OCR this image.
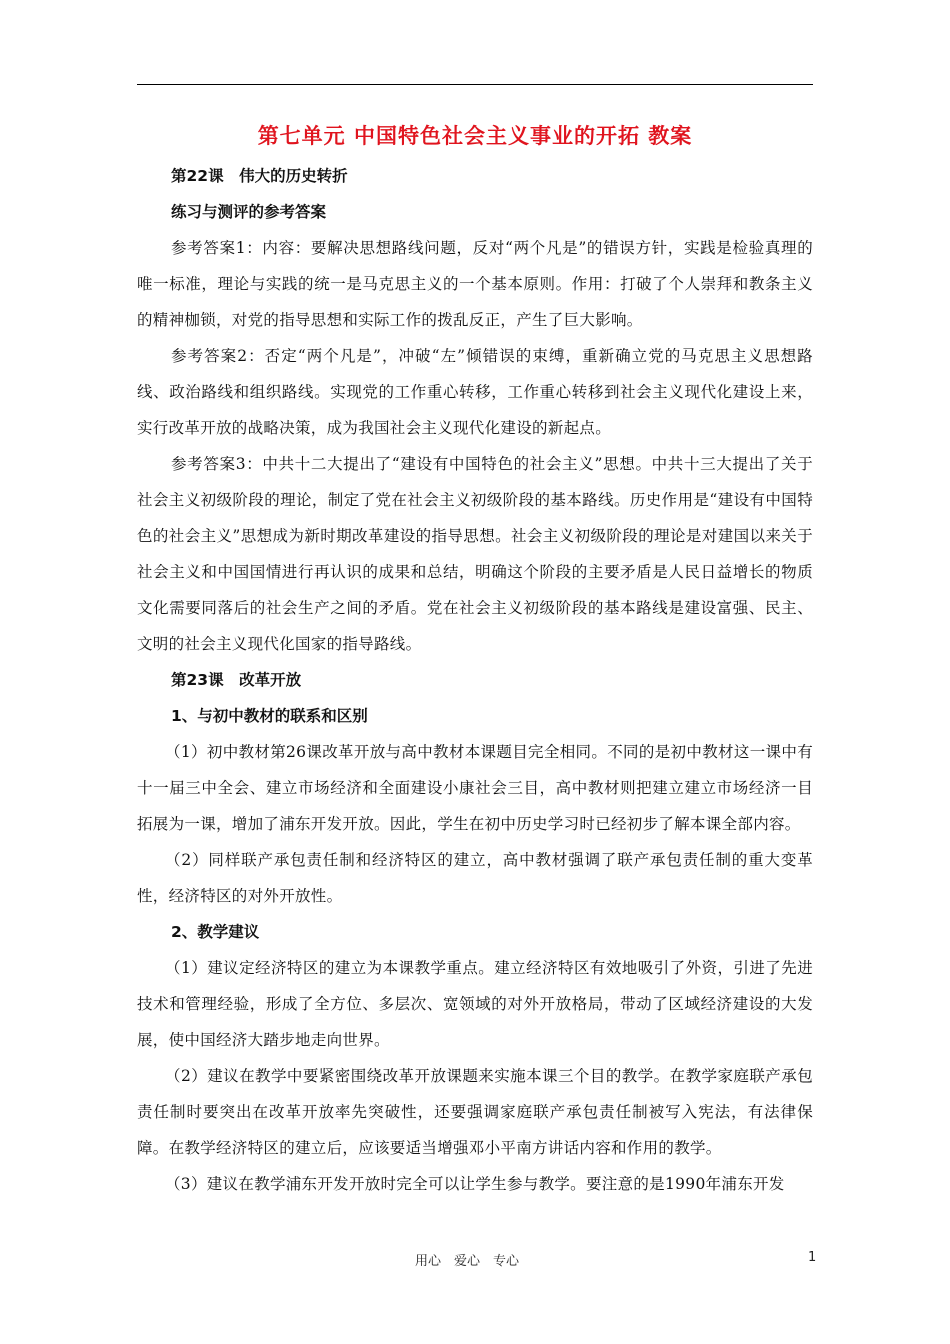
第七单元 中国特色社会主义事业的开拓 教案

第22课　伟大的历史转折

练习与测评的参考答案

参考答案1：内容：要解决思想路线问题，反对“两个凡是”的错误方针，实践是检验真理的唯一标准，理论与实践的统一是马克思主义的一个基本原则。作用：打破了个人崇拜和教条主义的精神枷锁，对党的指导思想和实际工作的拨乱反正，产生了巨大影响。

参考答案2：否定“两个凡是”，冲破“左”倾错误的束缚，重新确立党的马克思主义思想路线、政治路线和组织路线。实现党的工作重心转移，工作重心转移到社会主义现代化建设上来，实行改革开放的战略决策，成为我国社会主义现代化建设的新起点。

参考答案3：中共十二大提出了“建设有中国特色的社会主义”思想。中共十三大提出了关于社会主义初级阶段的理论，制定了党在社会主义初级阶段的基本路线。历史作用是“建设有中国特色的社会主义”思想成为新时期改革建设的指导思想。社会主义初级阶段的理论是对建国以来关于社会主义和中国国情进行再认识的成果和总结，明确这个阶段的主要矛盾是人民日益增长的物质文化需要同落后的社会生产之间的矛盾。党在社会主义初级阶段的基本路线是建设富强、民主、文明的社会主义现代化国家的指导路线。

第23课　改革开放

1、与初中教材的联系和区别

（1）初中教材第26课改革开放与高中教材本课题目完全相同。不同的是初中教材这一课中有十一届三中全会、建立市场经济和全面建设小康社会三目，高中教材则把建立建立市场经济一目拓展为一课，增加了浦东开发开放。因此，学生在初中历史学习时已经初步了解本课全部内容。

（2）同样联产承包责任制和经济特区的建立，高中教材强调了联产承包责任制的重大变革性，经济特区的对外开放性。

2、教学建议

（1）建议定经济特区的建立为本课教学重点。建立经济特区有效地吸引了外资，引进了先进技术和管理经验，形成了全方位、多层次、宽领域的对外开放格局，带动了区域经济建设的大发展，使中国经济大踏步地走向世界。

（2）建议在教学中要紧密围绕改革开放课题来实施本课三个目的教学。在教学家庭联产承包责任制时要突出在改革开放率先突破性，还要强调家庭联产承包责任制被写入宪法，有法律保障。在教学经济特区的建立后，应该要适当增强邓小平南方讲话内容和作用的教学。

（3）建议在教学浦东开发开放时完全可以让学生参与教学。要注意的是1990年浦东开发

用心　爱心　专心	1
